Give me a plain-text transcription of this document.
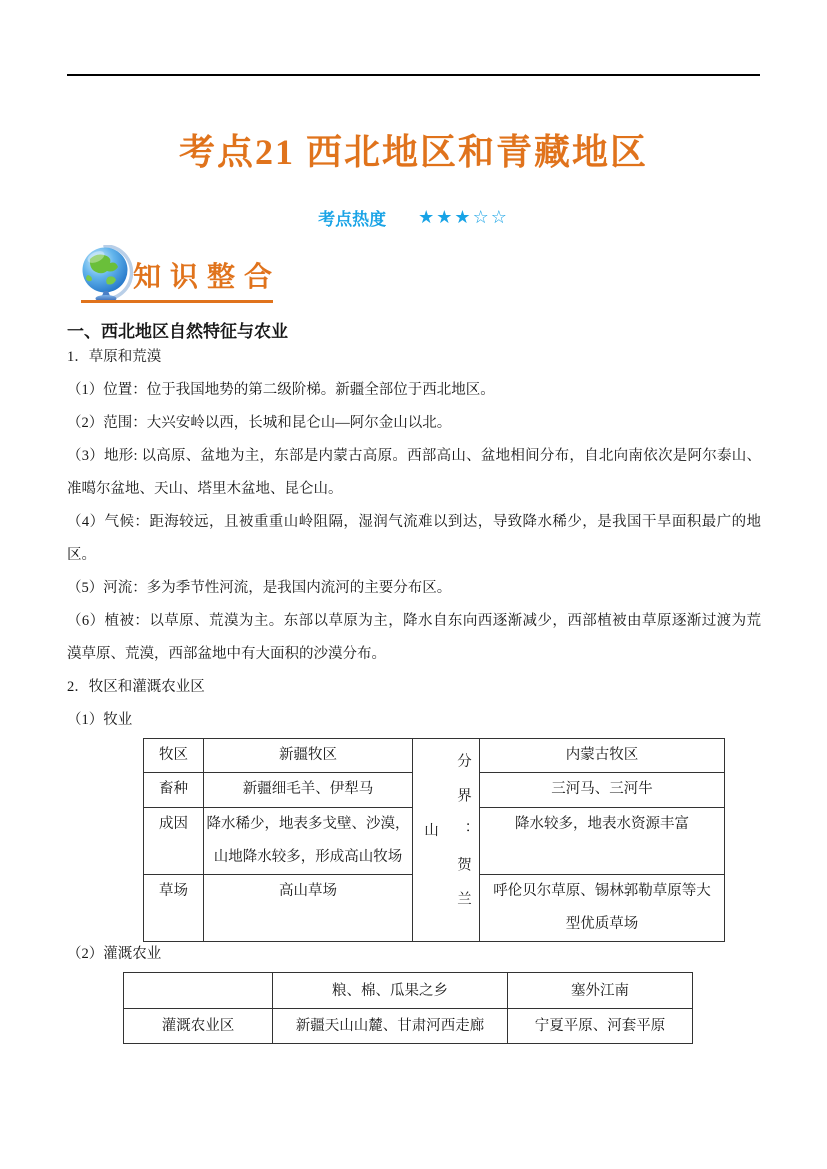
考点21 西北地区和青藏地区
考点热度 ★★★☆☆
知识整合
一、西北地区自然特征与农业
1．草原和荒漠
（1）位置：位于我国地势的第二级阶梯。新疆全部位于西北地区。
（2）范围：大兴安岭以西，长城和昆仑山—阿尔金山以北。
（3）地形: 以高原、盆地为主，东部是内蒙古高原。西部高山、盆地相间分布，自北向南依次是阿尔泰山、
准噶尔盆地、天山、塔里木盆地、昆仑山。
（4）气候：距海较远，且被重重山岭阻隔，湿润气流难以到达，导致降水稀少，是我国干旱面积最广的地
区。
（5）河流：多为季节性河流，是我国内流河的主要分布区。
（6）植被：以草原、荒漠为主。东部以草原为主，降水自东向西逐渐减少，西部植被由草原逐渐过渡为荒
漠草原、荒漠，西部盆地中有大面积的沙漠分布。
2．牧区和灌溉农业区
（1）牧业
牧区	新疆牧区	分界：贺兰山	内蒙古牧区
畜种	新疆细毛羊、伊犁马		三河马、三河牛
成因	降水稀少，地表多戈壁、沙漠，
山地降水较多，形成高山牧场		降水较多，地表水资源丰富
草场	高山草场		呼伦贝尔草原、锡林郭勒草原等大
型优质草场
（2）灌溉农业
	粮、棉、瓜果之乡	塞外江南
灌溉农业区	新疆天山山麓、甘肃河西走廊	宁夏平原、河套平原
